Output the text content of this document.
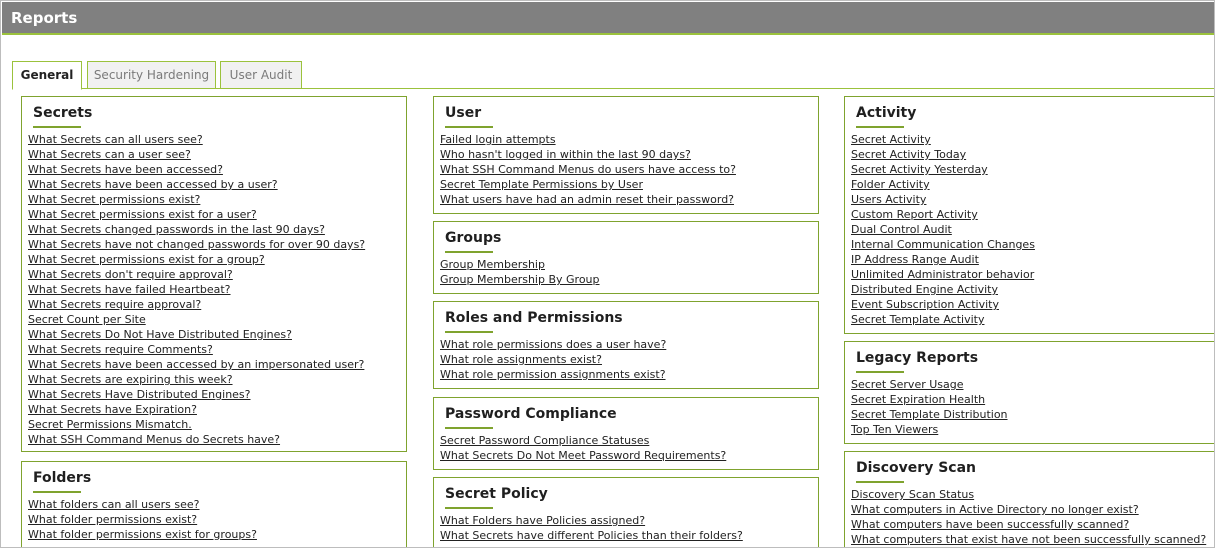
Reports
General	Security Hardening	User Audit
Secrets
What Secrets can all users see?
What Secrets can a user see?
What Secrets have been accessed?
What Secrets have been accessed by a user?
What Secret permissions exist?
What Secret permissions exist for a user?
What Secrets changed passwords in the last 90 days?
What Secrets have not changed passwords for over 90 days?
What Secret permissions exist for a group?
What Secrets don't require approval?
What Secrets have failed Heartbeat?
What Secrets require approval?
Secret Count per Site
What Secrets Do Not Have Distributed Engines?
What Secrets require Comments?
What Secrets have been accessed by an impersonated user?
What Secrets are expiring this week?
What Secrets Have Distributed Engines?
What Secrets have Expiration?
Secret Permissions Mismatch.
What SSH Command Menus do Secrets have?
Folders
What folders can all users see?
What folder permissions exist?
What folder permissions exist for groups?
User
Failed login attempts
Who hasn't logged in within the last 90 days?
What SSH Command Menus do users have access to?
Secret Template Permissions by User
What users have had an admin reset their password?
Groups
Group Membership
Group Membership By Group
Roles and Permissions
What role permissions does a user have?
What role assignments exist?
What role permission assignments exist?
Password Compliance
Secret Password Compliance Statuses
What Secrets Do Not Meet Password Requirements?
Secret Policy
What Folders have Policies assigned?
What Secrets have different Policies than their folders?
Activity
Secret Activity
Secret Activity Today
Secret Activity Yesterday
Folder Activity
Users Activity
Custom Report Activity
Dual Control Audit
Internal Communication Changes
IP Address Range Audit
Unlimited Administrator behavior
Distributed Engine Activity
Event Subscription Activity
Secret Template Activity
Legacy Reports
Secret Server Usage
Secret Expiration Health
Secret Template Distribution
Top Ten Viewers
Discovery Scan
Discovery Scan Status
What computers in Active Directory no longer exist?
What computers have been successfully scanned?
What computers that exist have not been successfully scanned?
